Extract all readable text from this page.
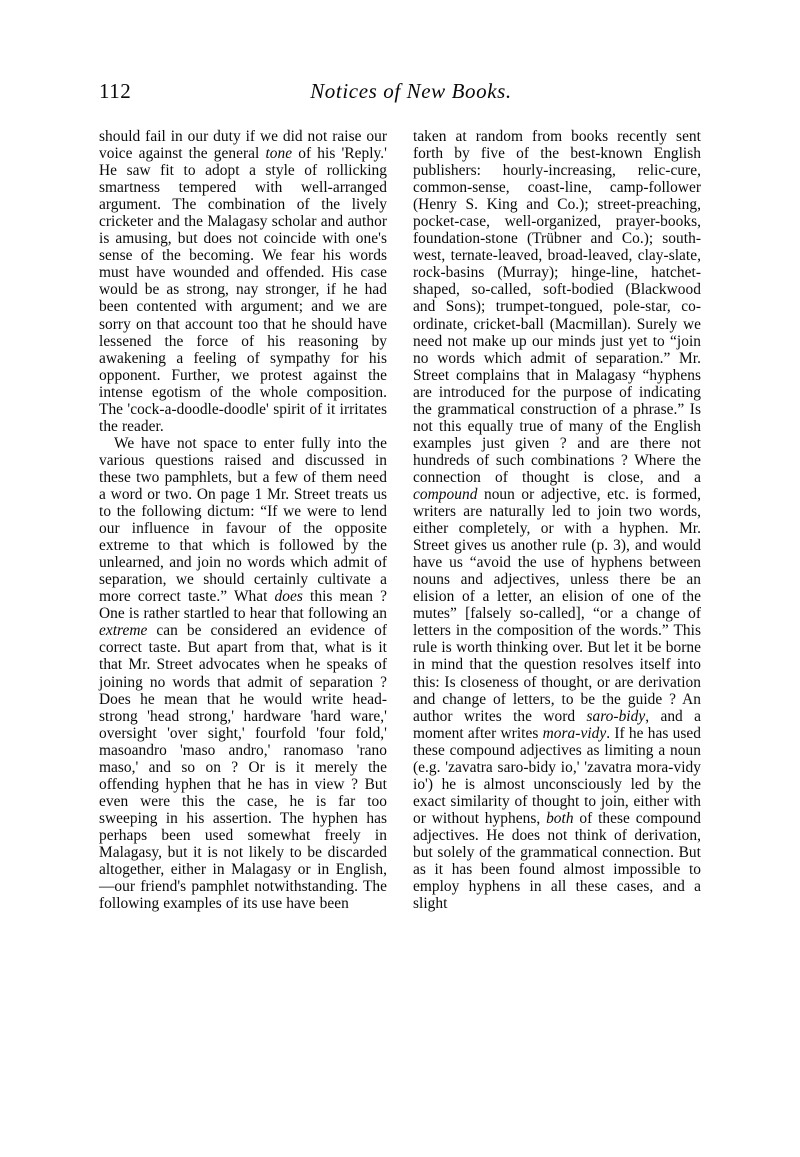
112	Notices of New Books.

should fail in our duty if we did not raise our voice against the general tone of his 'Reply.' He saw fit to adopt a style of rollicking smartness tempered with well-arranged argument. The combination of the lively cricketer and the Malagasy scholar and author is amusing, but does not coincide with one's sense of the becoming. We fear his words must have wounded and offended. His case would be as strong, nay stronger, if he had been contented with argument; and we are sorry on that account too that he should have lessened the force of his reasoning by awakening a feeling of sympathy for his opponent. Further, we protest against the intense egotism of the whole composition. The 'cock-a-doodle-doodle' spirit of it irritates the reader.

We have not space to enter fully into the various questions raised and discussed in these two pamphlets, but a few of them need a word or two. On page 1 Mr. Street treats us to the following dictum: “If we were to lend our influence in favour of the opposite extreme to that which is followed by the unlearned, and join no words which admit of separation, we should certainly cultivate a more correct taste.” What does this mean ? One is rather startled to hear that following an extreme can be considered an evidence of correct taste. But apart from that, what is it that Mr. Street advocates when he speaks of joining no words that admit of separation ? Does he mean that he would write head-strong 'head strong,' hardware 'hard ware,' oversight 'over sight,' fourfold 'four fold,' masoandro 'maso andro,' ranomaso 'rano maso,' and so on ? Or is it merely the offending hyphen that he has in view ? But even were this the case, he is far too sweeping in his assertion. The hyphen has perhaps been used somewhat freely in Malagasy, but it is not likely to be discarded altogether, either in Malagasy or in English,—our friend's pamphlet notwithstanding. The following examples of its use have been

taken at random from books recently sent forth by five of the best-known English publishers: hourly-increasing, relic-cure, common-sense, coast-line, camp-follower (Henry S. King and Co.); street-preaching, pocket-case, well-organized, prayer-books, foundation-stone (Trübner and Co.); south-west, ternate-leaved, broad-leaved, clay-slate, rock-basins (Murray); hinge-line, hatchet-shaped, so-called, soft-bodied (Blackwood and Sons); trumpet-tongued, pole-star, co-ordinate, cricket-ball (Macmillan). Surely we need not make up our minds just yet to “join no words which admit of separation.” Mr. Street complains that in Malagasy “hyphens are introduced for the purpose of indicating the grammatical construction of a phrase.” Is not this equally true of many of the English examples just given ? and are there not hundreds of such combinations ? Where the connection of thought is close, and a compound noun or adjective, etc. is formed, writers are naturally led to join two words, either completely, or with a hyphen. Mr. Street gives us another rule (p. 3), and would have us “avoid the use of hyphens between nouns and adjectives, unless there be an elision of a letter, an elision of one of the mutes” [falsely so-called], “or a change of letters in the composition of the words.” This rule is worth thinking over. But let it be borne in mind that the question resolves itself into this: Is closeness of thought, or are derivation and change of letters, to be the guide ? An author writes the word saro-bidy, and a moment after writes mora-vidy. If he has used these compound adjectives as limiting a noun (e.g. 'zavatra saro-bidy io,' 'zavatra mora-vidy io') he is almost unconsciously led by the exact similarity of thought to join, either with or without hyphens, both of these compound adjectives. He does not think of derivation, but solely of the grammatical connection. But as it has been found almost impossible to employ hyphens in all these cases, and a slight
